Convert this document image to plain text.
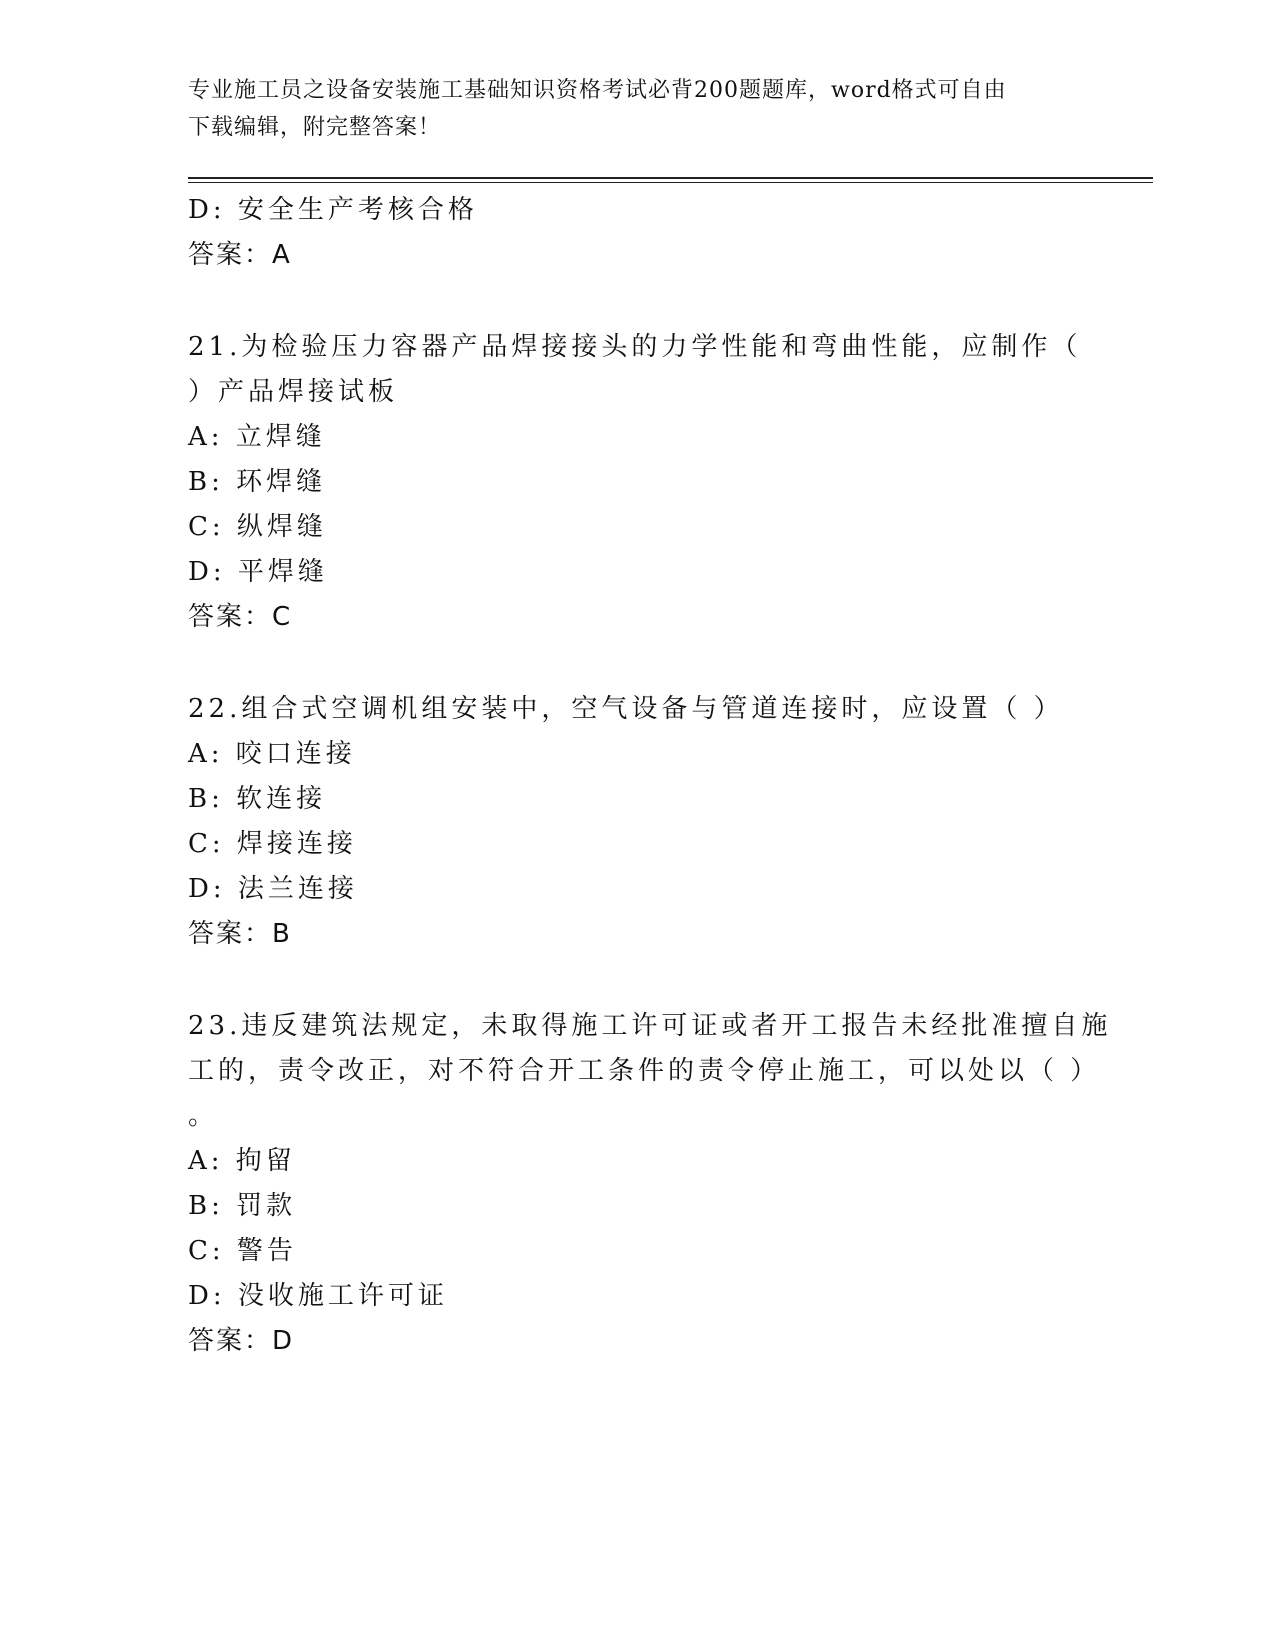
专业施工员之设备安装施工基础知识资格考试必背200题题库，word格式可自由
下载编辑，附完整答案！
D: 安全生产考核合格
答案：A
21.为检验压力容器产品焊接接头的力学性能和弯曲性能，应制作（
）产品焊接试板
A: 立焊缝
B: 环焊缝
C: 纵焊缝
D: 平焊缝
答案：C
22.组合式空调机组安装中，空气设备与管道连接时，应设置（ ）
A: 咬口连接
B: 软连接
C: 焊接连接
D: 法兰连接
答案：B
23.违反建筑法规定，未取得施工许可证或者开工报告未经批准擅自施
工的，责令改正，对不符合开工条件的责令停止施工，可以处以（ ）
。
A: 拘留
B: 罚款
C: 警告
D: 没收施工许可证
答案：D
